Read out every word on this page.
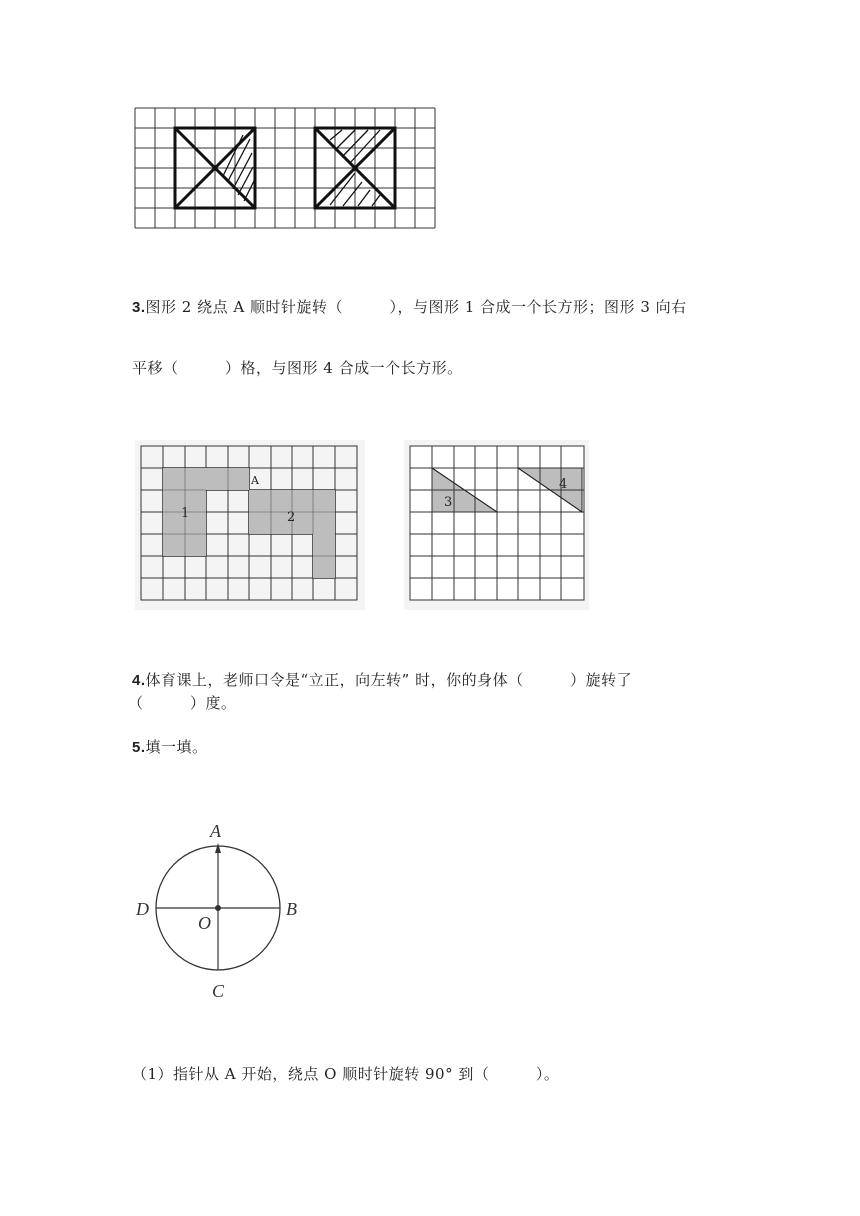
3.图形 2 绕点 A 顺时针旋转（　　　），与图形 1 合成一个长方形；图形 3 向右
平移（　　　）格，与图形 4 合成一个长方形。
1	2
A
3
4
4.体育课上，老师口令是“立正，向左转” 时，你的身体（　　　）旋转了
（　　　）度。
5.填一填。
A
B
C
D
O
（1）指针从 A 开始，绕点 O 顺时针旋转 90° 到（　　　）。
